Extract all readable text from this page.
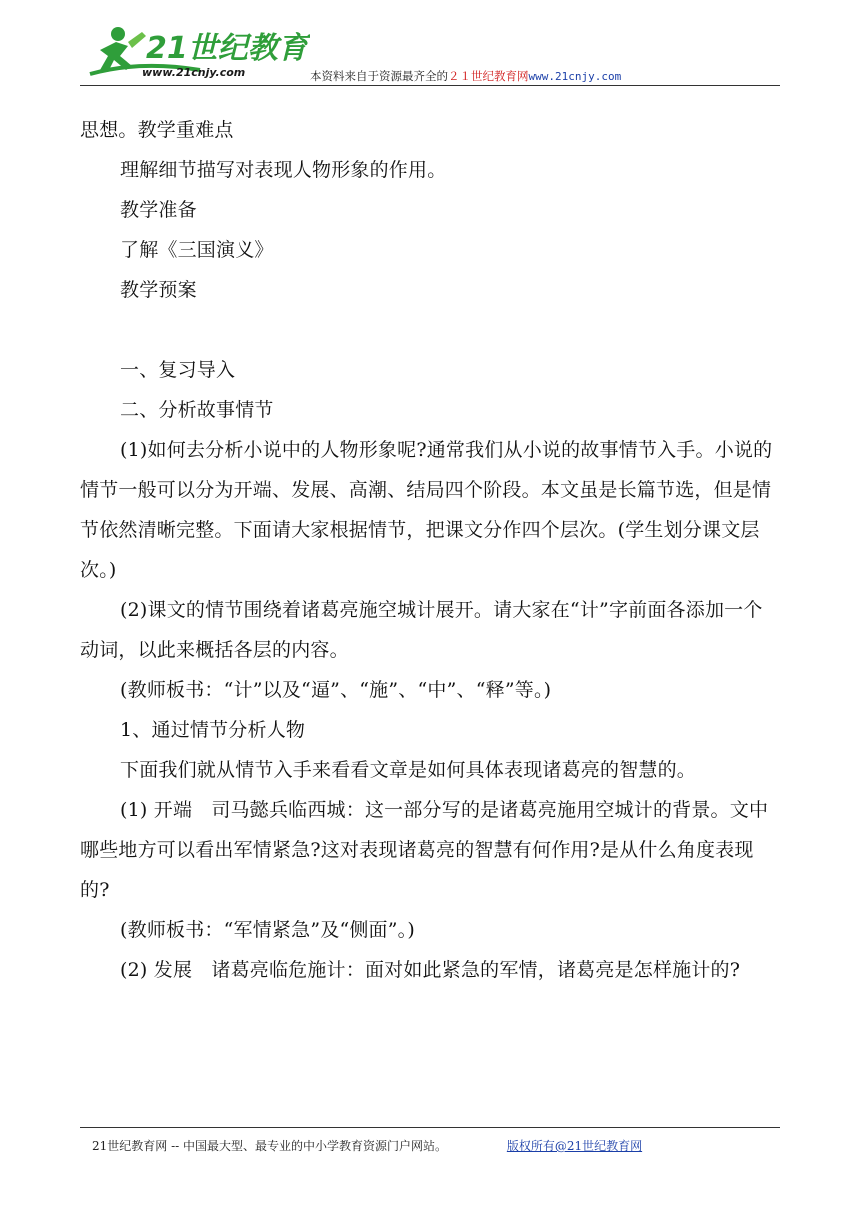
21世纪教育
www.21cnjy.com	本资料来自于资源最齐全的２１世纪教育网www.21cnjy.com

思想。教学重难点

理解细节描写对表现人物形象的作用。

教学准备

了解《三国演义》

教学预案

一、复习导入

二、分析故事情节

(1)如何去分析小说中的人物形象呢?通常我们从小说的故事情节入手。小说的情节一般可以分为开端、发展、高潮、结局四个阶段。本文虽是长篇节选，但是情节依然清晰完整。下面请大家根据情节，把课文分作四个层次。(学生划分课文层次。)

(2)课文的情节围绕着诸葛亮施空城计展开。请大家在“计”字前面各添加一个动词，以此来概括各层的内容。

(教师板书：“计”以及“逼”、“施”、“中”、“释”等。)

1、通过情节分析人物

下面我们就从情节入手来看看文章是如何具体表现诸葛亮的智慧的。

(1) 开端　司马懿兵临西城：这一部分写的是诸葛亮施用空城计的背景。文中哪些地方可以看出军情紧急?这对表现诸葛亮的智慧有何作用?是从什么角度表现的?

(教师板书：“军情紧急”及“侧面”。)

(2) 发展　诸葛亮临危施计：面对如此紧急的军情，诸葛亮是怎样施计的?

21世纪教育网 -- 中国最大型、最专业的中小学教育资源门户网站。	版权所有@21世纪教育网
